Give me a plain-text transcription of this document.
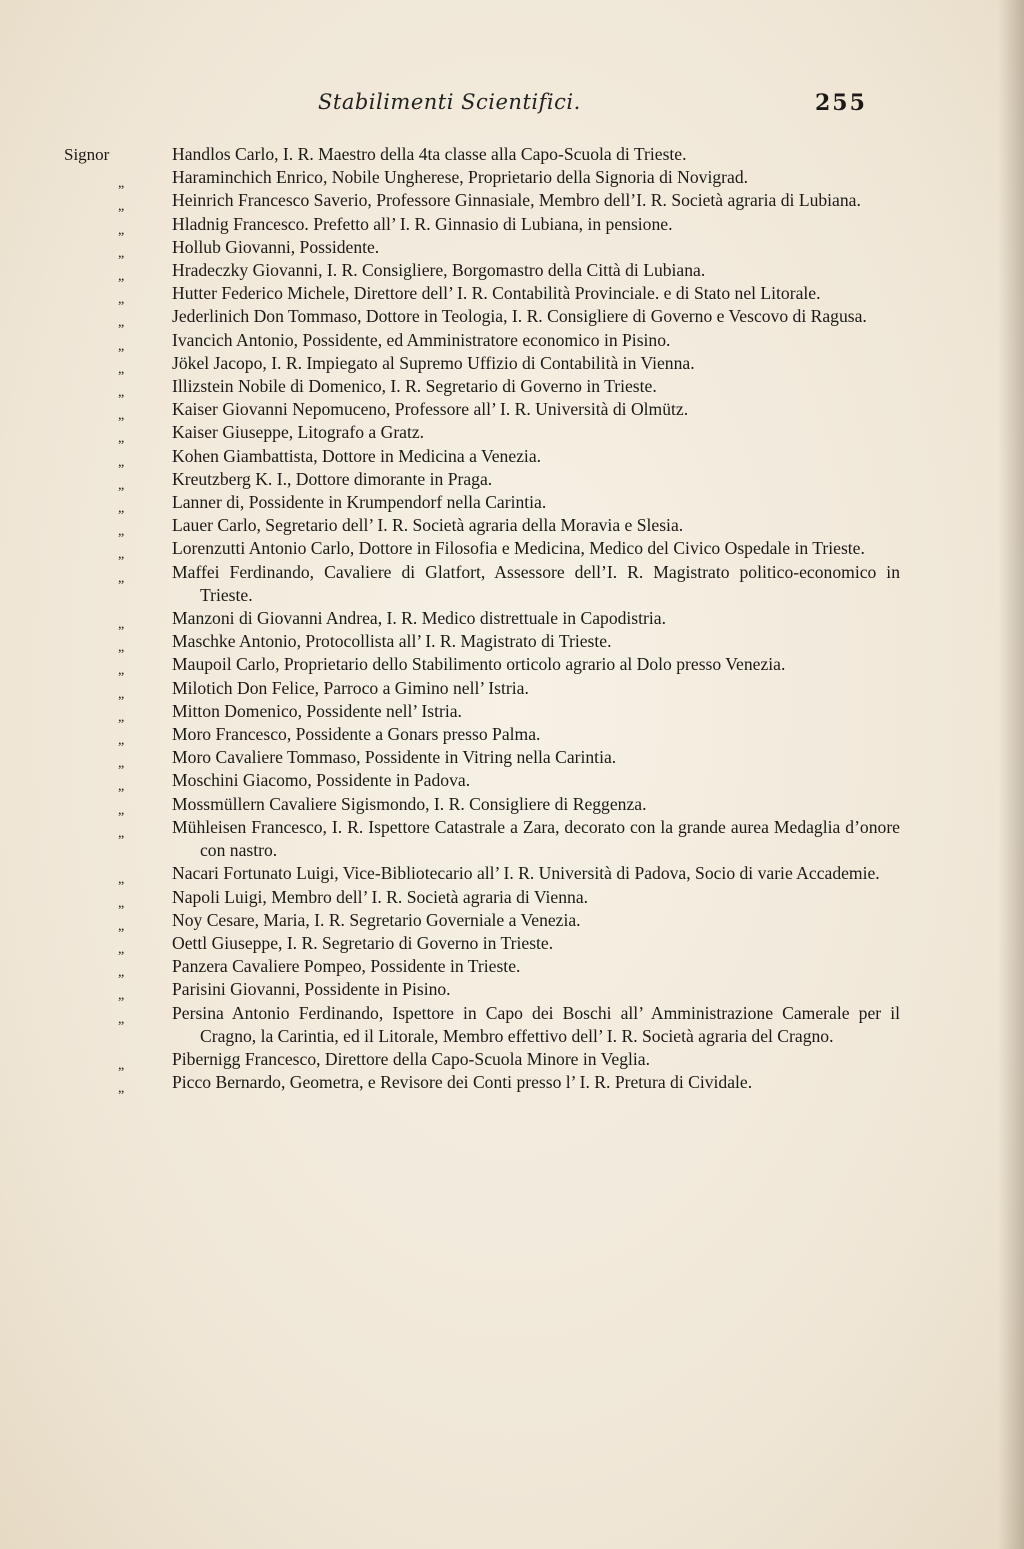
Stabilimenti Scientifici.	255
Signor	Handlos Carlo, I. R. Maestro della 4ta classe alla Capo-Scuola di Trieste.
„	Haraminchich Enrico, Nobile Ungherese, Proprietario della Signoria di Novigrad.
„	Heinrich Francesco Saverio, Professore Ginnasiale, Membro dell’I. R. Società agraria di Lubiana.
„	Hladnig Francesco. Prefetto all’ I. R. Ginnasio di Lubiana, in pensione.
„	Hollub Giovanni, Possidente.
„	Hradeczky Giovanni, I. R. Consigliere, Borgomastro della Città di Lubiana.
„	Hutter Federico Michele, Direttore dell’ I. R. Contabilità Provinciale. e di Stato nel Litorale.
„	Jederlinich Don Tommaso, Dottore in Teologia, I. R. Consigliere di Governo e Vescovo di Ragusa.
„	Ivancich Antonio, Possidente, ed Amministratore economico in Pisino.
„	Jökel Jacopo, I. R. Impiegato al Supremo Uffizio di Contabilità in Vienna.
„	Illizstein Nobile di Domenico, I. R. Segretario di Governo in Trieste.
„	Kaiser Giovanni Nepomuceno, Professore all’ I. R. Università di Olmütz.
„	Kaiser Giuseppe, Litografo a Gratz.
„	Kohen Giambattista, Dottore in Medicina a Venezia.
„	Kreutzberg K. I., Dottore dimorante in Praga.
„	Lanner di, Possidente in Krumpendorf nella Carintia.
„	Lauer Carlo, Segretario dell’ I. R. Società agraria della Moravia e Slesia.
„	Lorenzutti Antonio Carlo, Dottore in Filosofia e Medicina, Medico del Civico Ospedale in Trieste.
„	Maffei Ferdinando, Cavaliere di Glatfort, Assessore dell’I. R. Magistrato politico-economico in Trieste.
„	Manzoni di Giovanni Andrea, I. R. Medico distrettuale in Capodistria.
„	Maschke Antonio, Protocollista all’ I. R. Magistrato di Trieste.
„	Maupoil Carlo, Proprietario dello Stabilimento orticolo agrario al Dolo presso Venezia.
„	Milotich Don Felice, Parroco a Gimino nell’ Istria.
„	Mitton Domenico, Possidente nell’ Istria.
„	Moro Francesco, Possidente a Gonars presso Palma.
„	Moro Cavaliere Tommaso, Possidente in Vitring nella Carintia.
„	Moschini Giacomo, Possidente in Padova.
„	Mossmüllern Cavaliere Sigismondo, I. R. Consigliere di Reggenza.
„	Mühleisen Francesco, I. R. Ispettore Catastrale a Zara, decorato con la grande aurea Medaglia d’onore con nastro.
„	Nacari Fortunato Luigi, Vice-Bibliotecario all’ I. R. Università di Padova, Socio di varie Accademie.
„	Napoli Luigi, Membro dell’ I. R. Società agraria di Vienna.
„	Noy Cesare, Maria, I. R. Segretario Governiale a Venezia.
„	Oettl Giuseppe, I. R. Segretario di Governo in Trieste.
„	Panzera Cavaliere Pompeo, Possidente in Trieste.
„	Parisini Giovanni, Possidente in Pisino.
„	Persina Antonio Ferdinando, Ispettore in Capo dei Boschi all’ Amministrazione Camerale per il Cragno, la Carintia, ed il Litorale, Membro effettivo dell’ I. R. Società agraria del Cragno.
„	Pibernigg Francesco, Direttore della Capo-Scuola Minore in Veglia.
„	Picco Bernardo, Geometra, e Revisore dei Conti presso l’ I. R. Pretura di Cividale.
